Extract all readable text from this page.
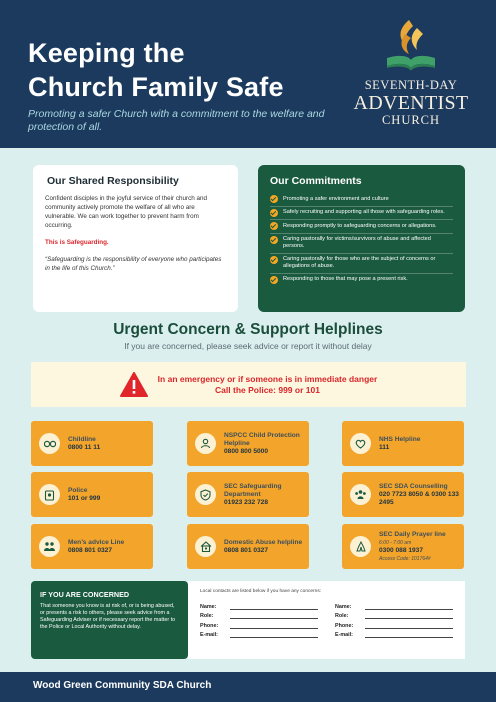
Keeping the
Church Family Safe
Promoting a safer Church with a commitment to the welfare and protection of all.
SEVENTH-DAY
ADVENTIST
CHURCH
Our Shared Responsibility

Confident disciples in the joyful service of their church and community actively promote the welfare of all who are vulnerable. We can work together to prevent harm from occurring.

This is Safeguarding.

“Safeguarding is the responsibility of everyone who participates in the life of this Church.”

Our Commitments
Promoting a safer environment and culture
Safely recruiting and supporting all those with safeguarding roles.
Responding promptly to safeguarding concerns or allegations.
Caring pastorally for victims/survivors of abuse and affected persons.
Caring pastorally for those who are the subject of concerns or allegations of abuse.
Responding to those that may pose a present risk.
Urgent Concern & Support Helplines
If you are concerned, please seek advice or report it without delay
In an emergency or if someone is in immediate danger
Call the Police: 999 or 101
Childline
0800 11 11
NSPCC Child Protection Helpline
0800 800 5000
NHS Helpline
111
Police
101 or 999
SEC Safeguarding Department
01923 232 728
SEC SDA Counselling
020 7723 8050 & 0300 133 2495
Men’s advice Line
0808 801 0327
Domestic Abuse helpline
0808 801 0327
SEC Daily Prayer line
6:00 - 7:00 am
0300 088 1937
Access Code: 101764#
IF YOU ARE CONCERNED

That someone you know is at risk of, or is being abused, or presents a risk to others, please seek advice from a Safeguarding Adviser or if necessary report the matter to the Police or Local Authority without delay.

Local contacts are listed below if you have any concerns:
Name:
Role:
Phone:
E-mail:
Name:
Role:
Phone:
E-mail:
Wood Green Community SDA Church
